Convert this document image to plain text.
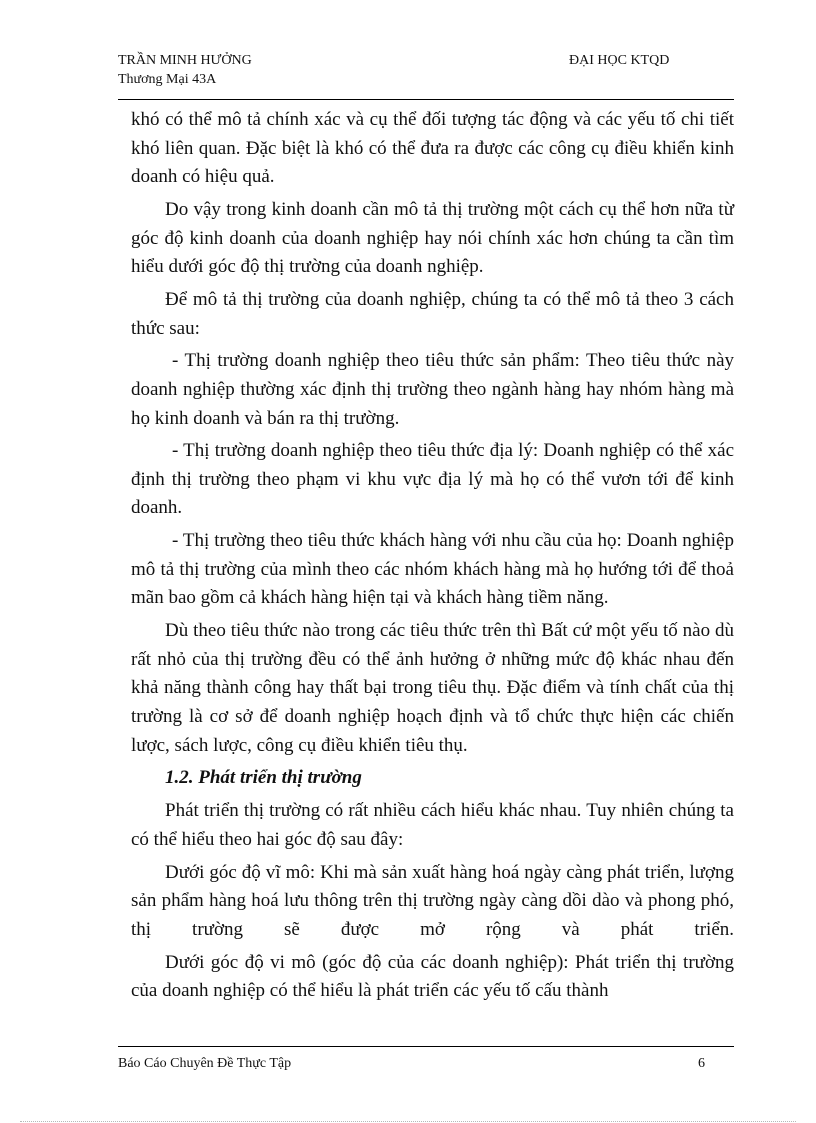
TRẦN MINH HƯỞNG
Thương Mại 43A
ĐẠI HỌC KTQD

khó có thể mô tả chính xác và cụ thể đối tượng tác động và các yếu tố chi tiết khó liên quan. Đặc biệt là khó có thể đưa ra được các công cụ điều khiển kinh doanh có hiệu quả.

Do vậy trong kinh doanh cần mô tả thị trường một cách cụ thể hơn nữa từ góc độ kinh doanh của doanh nghiệp hay nói chính xác hơn chúng ta cần tìm hiểu dưới góc độ thị trường của doanh nghiệp.

Để mô tả thị trường của doanh nghiệp, chúng ta có thể mô tả theo 3 cách thức sau:

- Thị trường doanh nghiệp theo tiêu thức sản phẩm: Theo tiêu thức này doanh nghiệp thường xác định thị trường theo ngành hàng hay nhóm hàng mà họ kinh doanh và bán ra thị trường.

- Thị trường doanh nghiệp theo tiêu thức địa lý: Doanh nghiệp có thể xác định thị trường theo phạm vi khu vực địa lý mà họ có thể vươn tới để kinh doanh.

- Thị trường theo tiêu thức khách hàng với nhu cầu của họ: Doanh nghiệp mô tả thị trường của mình theo các nhóm khách hàng mà họ hướng tới để thoả mãn bao gồm cả khách hàng hiện tại và khách hàng tiềm năng.

Dù theo tiêu thức nào trong các tiêu thức trên thì Bất cứ một yếu tố nào dù rất nhỏ của thị trường đều có thể ảnh hưởng ở những mức độ khác nhau đến khả năng thành công hay thất bại trong tiêu thụ. Đặc điểm và tính chất của thị trường là cơ sở để doanh nghiệp hoạch định và tổ chức thực hiện các chiến lược, sách lược, công cụ điều khiển tiêu thụ.

1.2. Phát triển thị trường

Phát triển thị trường có rất nhiều cách hiểu khác nhau. Tuy nhiên chúng ta có thể hiểu theo hai góc độ sau đây:

Dưới góc độ vĩ mô: Khi mà sản xuất hàng hoá ngày càng phát triển, lượng sản phẩm hàng hoá lưu thông trên thị trường ngày càng dồi dào và phong phó, thị trường sẽ được mở rộng và phát triển.

Dưới góc độ vi mô (góc độ của các doanh nghiệp): Phát triển thị trường của doanh nghiệp có thể hiểu là phát triển các yếu tố cấu thành

Báo Cáo Chuyên Đề Thực Tập	6
